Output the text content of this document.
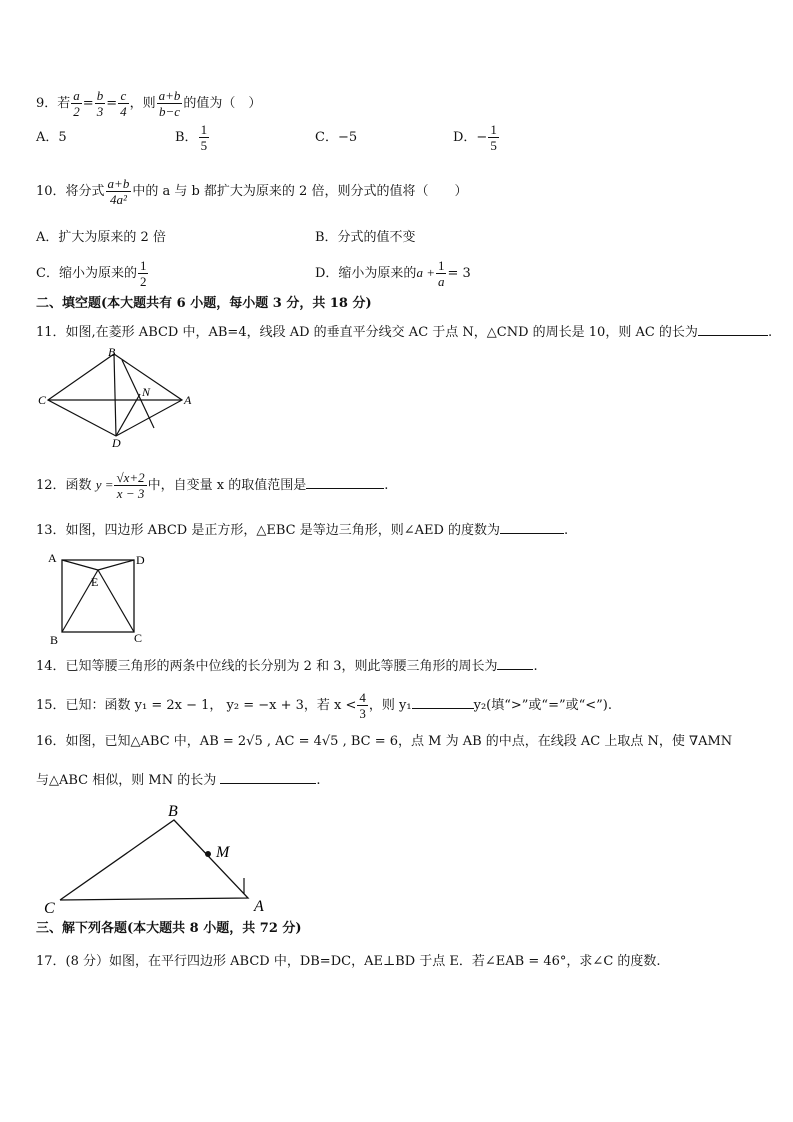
9．若 $\frac{a}{2} = \frac{b}{3} = \frac{c}{4}$ ，则 $\frac{a+b}{b-c}$ 的值为（　）
A．5	B． $\frac{1}{5}$	C．−5	D．− $\frac{1}{5}$
10．将分式 $\frac{a+b}{\text{4a²}}$ 中的 a 与 b 都扩大为原来的 2 倍，则分式的值将（　　）
A．扩大为原来的 2 倍	B．分式的值不变
C．缩小为原来的 $\frac{1}{2}$	D．缩小为原来的$a + \frac{1}{a} = 3$
二、填空题(本大题共有 6 小题，每小题 3 分，共 18 分)
11．如图,在菱形 ABCD 中，AB=4，线段 AD 的垂直平分线交 AC 于点 N，△CND 的周长是 10，则 AC 的长为	.
B
C
N
A
D
12．函数 $y = \frac{√x+2}{x - 3}$ 中，自变量 x 的取值范围是	.
13．如图，四边形 ABCD 是正方形，△EBC 是等边三角形，则∠AED 的度数为	.
A	D
E
B	C
14．已知等腰三角形的两条中位线的长分别为 2 和 3，则此等腰三角形的周长为	.
15．已知：函数 y₁ = 2x − 1， y₂ = −x + 3，若 $x < \frac{4}{3}$ ，则 y₁	y₂(填“>”或“=”或“<”).
16．如图，已知△ABC 中，AB = 2√5 , AC = 4√5 , BC = 6，点 M 为 AB 的中点，在线段 AC 上取点 N，使 ∇AMN
与△ABC 相似，则 MN 的长为	.
B
M
C	A
三、解下列各题(本大题共 8 小题，共 72 分)
17．(8 分）如图，在平行四边形 ABCD 中，DB=DC，AE⊥BD 于点 E．若∠EAB = 46°，求∠C 的度数.
